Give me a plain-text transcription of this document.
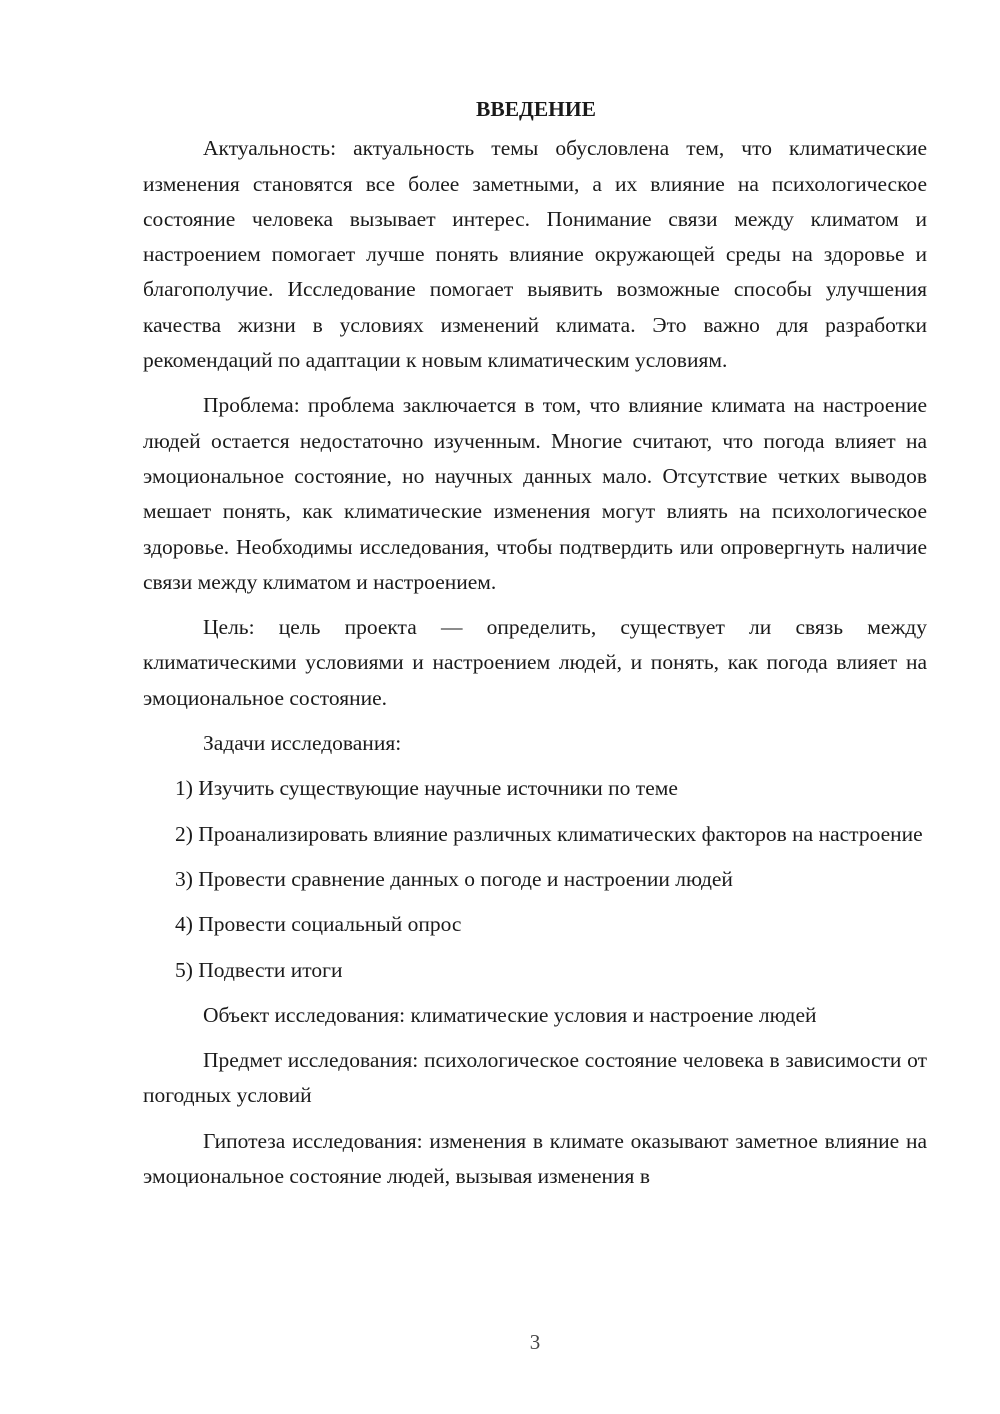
ВВЕДЕНИЕ

Актуальность: актуальность темы обусловлена тем, что климатические изменения становятся все более заметными, а их влияние на психологическое состояние человека вызывает интерес. Понимание связи между климатом и настроением помогает лучше понять влияние окружающей среды на здоровье и благополучие. Исследование помогает выявить возможные способы улучшения качества жизни в условиях изменений климата. Это важно для разработки рекомендаций по адаптации к новым климатическим условиям.

Проблема: проблема заключается в том, что влияние климата на настроение людей остается недостаточно изученным. Многие считают, что погода влияет на эмоциональное состояние, но научных данных мало. Отсутствие четких выводов мешает понять, как климатические изменения могут влиять на психологическое здоровье. Необходимы исследования, чтобы подтвердить или опровергнуть наличие связи между климатом и настроением.

Цель: цель проекта — определить, существует ли связь между климатическими условиями и настроением людей, и понять, как погода влияет на эмоциональное состояние.

Задачи исследования:

1) Изучить существующие научные источники по теме

2) Проанализировать влияние различных климатических факторов на настроение

3) Провести сравнение данных о погоде и настроении людей

4) Провести социальный опрос

5) Подвести итоги

Объект исследования: климатические условия и настроение людей

Предмет исследования: психологическое состояние человека в зависимости от погодных условий

Гипотеза исследования: изменения в климате оказывают заметное влияние на эмоциональное состояние людей, вызывая изменения в

3
